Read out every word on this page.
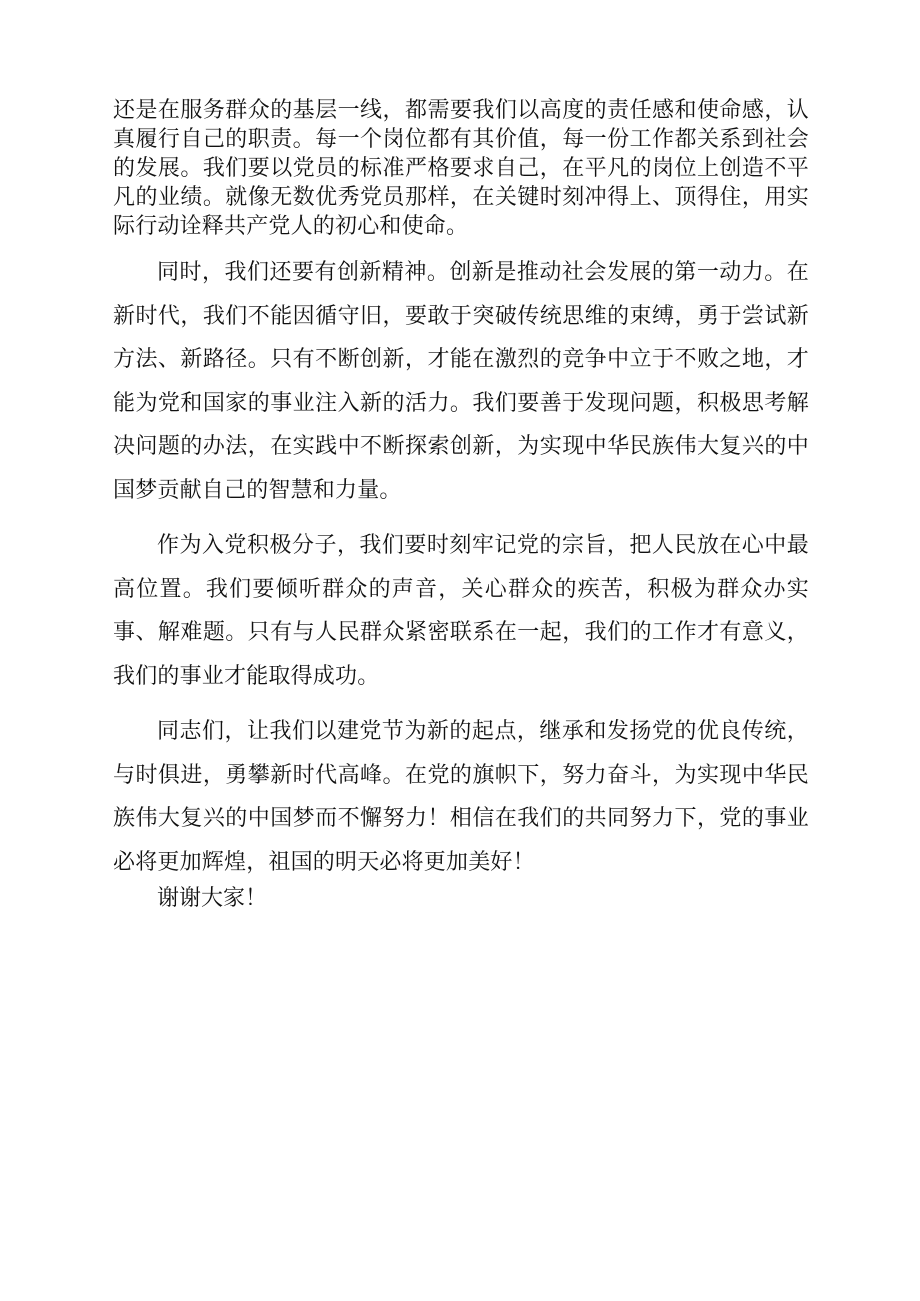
还是在服务群众的基层一线，都需要我们以高度的责任感和使命感，认真履行自己的职责。每一个岗位都有其价值，每一份工作都关系到社会的发展。我们要以党员的标准严格要求自己，在平凡的岗位上创造不平凡的业绩。就像无数优秀党员那样，在关键时刻冲得上、顶得住，用实际行动诠释共产党人的初心和使命。

同时，我们还要有创新精神。创新是推动社会发展的第一动力。在新时代，我们不能因循守旧，要敢于突破传统思维的束缚，勇于尝试新方法、新路径。只有不断创新，才能在激烈的竞争中立于不败之地，才能为党和国家的事业注入新的活力。我们要善于发现问题，积极思考解决问题的办法，在实践中不断探索创新，为实现中华民族伟大复兴的中国梦贡献自己的智慧和力量。

作为入党积极分子，我们要时刻牢记党的宗旨，把人民放在心中最高位置。我们要倾听群众的声音，关心群众的疾苦，积极为群众办实事、解难题。只有与人民群众紧密联系在一起，我们的工作才有意义，我们的事业才能取得成功。

同志们，让我们以建党节为新的起点，继承和发扬党的优良传统，与时俱进，勇攀新时代高峰。在党的旗帜下，努力奋斗，为实现中华民族伟大复兴的中国梦而不懈努力！相信在我们的共同努力下，党的事业必将更加辉煌，祖国的明天必将更加美好！

谢谢大家！
